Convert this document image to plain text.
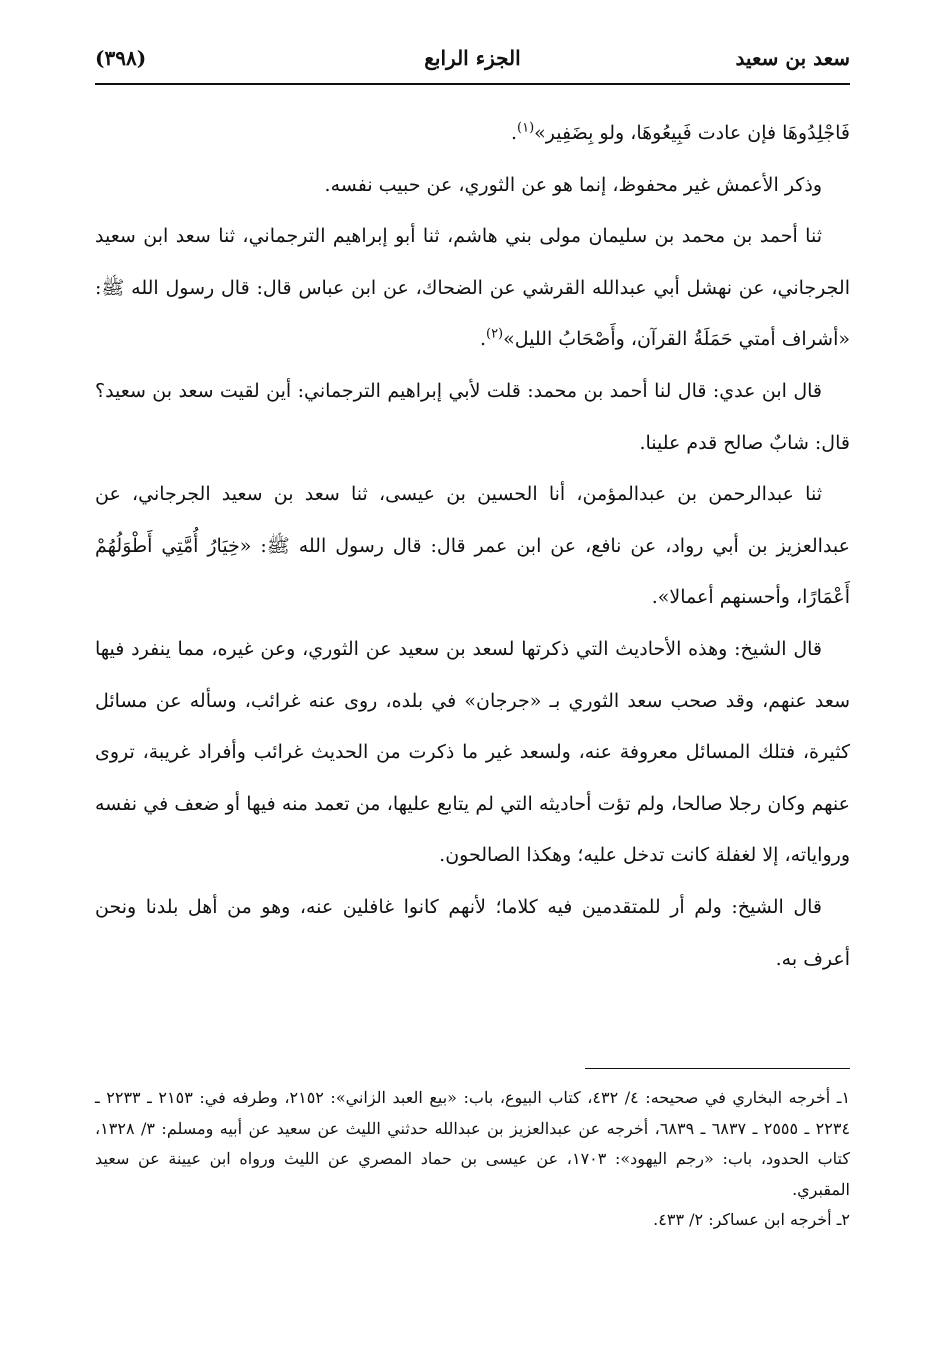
سعد بن سعيد
الجزء الرابع
(٣٩٨)

فَاجْلِدُوهَا فإن عادت فَبِيعُوهَا، ولو بِضَفِير»$^{(١)}$.

وذكر الأعمش غير محفوظ، إنما هو عن الثوري، عن حبيب نفسه.

ثنا أحمد بن محمد بن سليمان مولى بني هاشم، ثنا أبو إبراهيم الترجماني، ثنا سعد ابن سعيد الجرجاني، عن نهشل أبي عبدالله القرشي عن الضحاك، عن ابن عباس قال: قال رسول الله ﷺ: «أشراف أمتي حَمَلَةُ القرآن، وأَصْحَابُ الليل»$^{(٢)}$.

قال ابن عدي: قال لنا أحمد بن محمد: قلت لأبي إبراهيم الترجماني: أين لقيت سعد بن سعيد؟ قال: شابٌ صالح قدم علينا.

ثنا عبدالرحمن بن عبدالمؤمن، أنا الحسين بن عيسى، ثنا سعد بن سعيد الجرجاني، عن عبدالعزيز بن أبي رواد، عن نافع، عن ابن عمر قال: قال رسول الله ﷺ: «خِيَارُ أُمَّتِي أَطْوَلُهُمْ أَعْمَارًا، وأحسنهم أعمالا».

قال الشيخ: وهذه الأحاديث التي ذكرتها لسعد بن سعيد عن الثوري، وعن غيره، مما ينفرد فيها سعد عنهم، وقد صحب سعد الثوري بـ «جرجان» في بلده، روى عنه غرائب، وسأله عن مسائل كثيرة، فتلك المسائل معروفة عنه، ولسعد غير ما ذكرت من الحديث غرائب وأفراد غريبة، تروى عنهم وكان رجلا صالحا، ولم تؤت أحاديثه التي لم يتابع عليها، من تعمد منه فيها أو ضعف في نفسه ورواياته، إلا لغفلة كانت تدخل عليه؛ وهكذا الصالحون.

قال الشيخ: ولم أر للمتقدمين فيه كلاما؛ لأنهم كانوا غافلين عنه، وهو من أهل بلدنا ونحن أعرف به.

١ـ أخرجه البخاري في صحيحه: ٤/ ٤٣٢، كتاب البيوع، باب: «بيع العبد الزاني»: ٢١٥٢، وطرفه في: ٢١٥٣ ـ ٢٢٣٣ ـ ٢٢٣٤ ـ ٢٥٥٥ ـ ٦٨٣٧ ـ ٦٨٣٩، أخرجه عن عبدالعزيز بن عبدالله حدثني الليث عن سعيد عن أبيه ومسلم: ٣/ ١٣٢٨، كتاب الحدود، باب: «رجم اليهود»: ١٧٠٣، عن عيسى بن حماد المصري عن الليث ورواه ابن عيينة عن سعيد المقبري.

٢ـ أخرجه ابن عساكر: ٢/ ٤٣٣.
